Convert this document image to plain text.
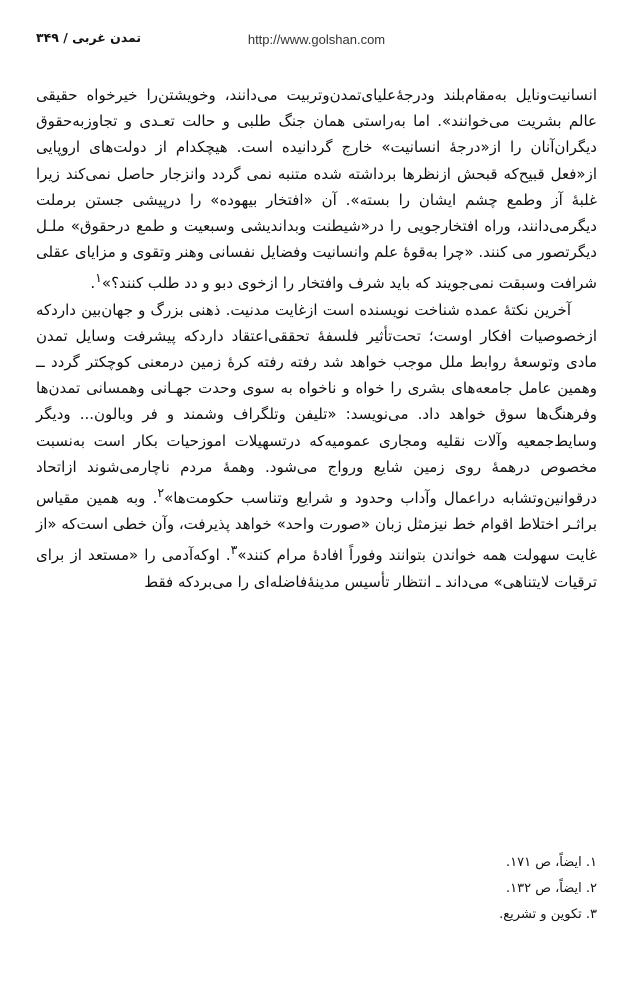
تمدن غربی / ۳۴۹	http://www.golshan.com

انسانیت‌ونایل به‌مقام‌بلند ودرجهٔ‌علیای‌تمدن‌وتربیت می‌دانند، وخویشتن‌را خیرخواه حقیقی عالم بشریت می‌خوانند». اما به‌راستی همان جنگ طلبی و حالت تعـدی و تجاوزبه‌حقوق دیگران‌آنان را از«درجهٔ انسانیت» خارج گردانیده است. هیچکدام از دولت‌های اروپایی از«فعل قبیح‌که قبحش ازنظرها برداشته شده متنبه نمی گردد وانزجار حاصل نمی‌کند زیرا غلبهٔ آز وطمع چشم ایشان را بسته». آن «افتخار بیهوده» را درپیشی جستن برملت دیگرمی‌دانند، وراه افتخارجویی را در«شیطنت وبداندیشی وسبعیت و طمع درحقوق» ملـل دیگرتصور می کنند. «چرا به‌قوهٔ علم وانسانیت وفضایل نفسانی وهنر وتقوی و مزایای عقلی شرافت وسبقت نمی‌جویند که باید شرف وافتخار را ازخوی دبو و دد طلب کنند؟»$^۱$.

آخرین نکتهٔ عمده شناخت نویسنده است ازغایت مدنیت. ذهنی بزرگ و جهان‌بین داردکه ازخصوصیات افکار اوست؛ تحت‌تأثیر فلسفهٔ تحققی‌اعتقاد داردکه پیشرفت وسایل تمدن مادی وتوسعهٔ روابط ملل موجب خواهد شد رفته رفته کرهٔ زمین درمعنی کوچکتر گردد ــ وهمین عامل جامعه‌های بشری را خواه و ناخواه به سوی وحدت جهـانی وهمسانی تمدن‌ها وفرهنگ‌ها سوق خواهد داد. می‌نویسد: «تلیفن وتلگراف وشمند و فر وبالون... ودیگر وسایط‌جمعیه وآلات نقلیه ومجاری عمومیه‌که درتسهیلات اموزحیات بکار است به‌نسبت مخصوص درهمهٔ روی زمین شایع ورواج می‌شود. وهمهٔ مردم ناچارمی‌شوند ازاتحاد درقوانین‌وتشابه دراعمال وآداب وحدود و شرایع وتناسب حکومت‌ها»$^۲$. وبه همین مقیاس براثـر اختلاط اقوام خط نیزمثل زبان «صورت واحد» خواهد پذیرفت، وآن خطی است‌که «از غایت سهولت همه خواندن بتوانند وفوراً افادهٔ مرام کنند»$^۳$. اوکه‌آدمی را «مستعد از برای ترقیات لایتناهی» می‌داند ـ انتظار تأسیس مدینهٔ‌فاضله‌ای را می‌بردکه فقط

۱. ایضاً، ص ۱۷۱.
۲. ایضاً، ص ۱۳۲.
۳. تکوین و تشریع.
